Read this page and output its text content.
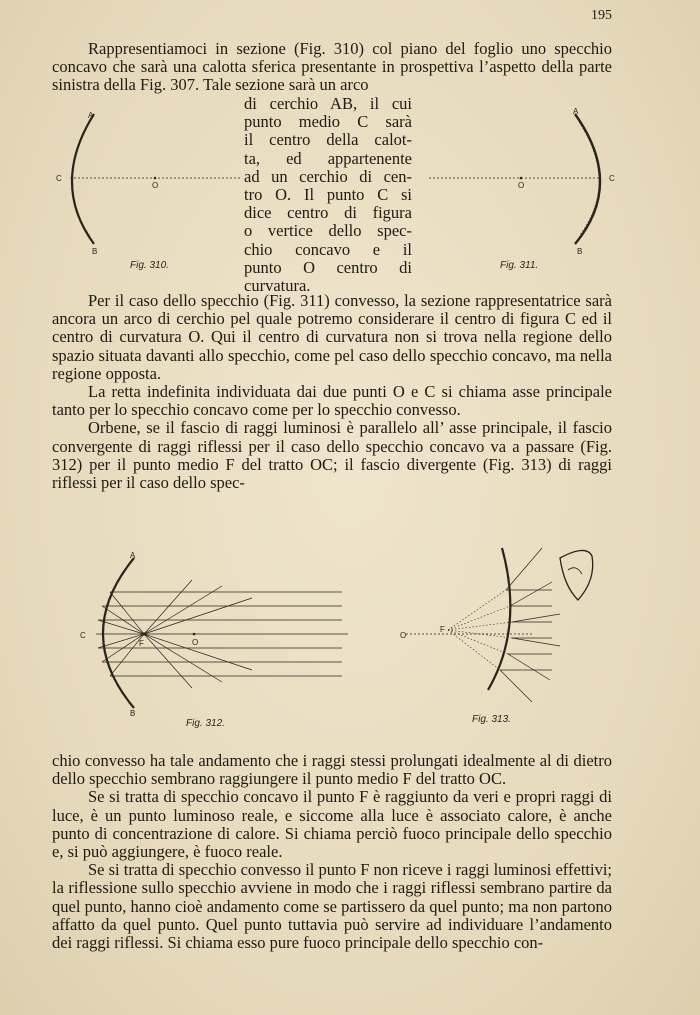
195

Rappresentiamoci in sezione (Fig. 310) col piano del foglio uno specchio concavo che sarà una calotta sferica presentante in prospettiva l’aspetto della parte sinistra della Fig. 307. Tale sezione sarà un arco

di cerchio AB, il cui
punto medio C sarà
il centro della calot-
ta, ed appartenente
ad un cerchio di cen-
tro O. Il punto C si
dice centro di figura
o vertice dello spec-
chio concavo e il
punto O centro di
curvatura.
A
B
C
O
Fig. 310.
A
B
C
O
Fig. 311.

Per il caso dello specchio (Fig. 311) convesso, la sezione rappresentatrice sarà ancora un arco di cerchio pel quale potremo considerare il centro di figura C ed il centro di curvatura O. Qui il centro di curvatura non si trova nella regione dello spazio situata davanti allo specchio, come pel caso dello specchio concavo, ma nella regione opposta.

La retta indefinita individuata dai due punti O e C si chiama asse principale tanto per lo specchio concavo come per lo specchio convesso.

Orbene, se il fascio di raggi luminosi è parallelo all’ asse principale, il fascio convergente di raggi riflessi per il caso dello specchio concavo va a passare (Fig. 312) per il punto medio F del tratto OC; il fascio divergente (Fig. 313) di raggi riflessi per il caso dello spec-

A
B
C
F	O
Fig. 312.
O
F
Fig. 313.

chio convesso ha tale andamento che i raggi stessi prolungati idealmente al di dietro dello specchio sembrano raggiungere il punto medio F del tratto OC.

Se si tratta di specchio concavo il punto F è raggiunto da veri e propri raggi di luce, è un punto luminoso reale, e siccome alla luce è associato calore, è anche punto di concentrazione di calore. Si chiama perciò fuoco principale dello specchio e, si può aggiungere, è fuoco reale.

Se si tratta di specchio convesso il punto F non riceve i raggi luminosi effettivi; la riflessione sullo specchio avviene in modo che i raggi riflessi sembrano partire da quel punto, hanno cioè andamento come se partissero da quel punto; ma non partono affatto da quel punto. Quel punto tuttavia può servire ad individuare l’andamento dei raggi riflessi. Si chiama esso pure fuoco principale dello specchio con-
